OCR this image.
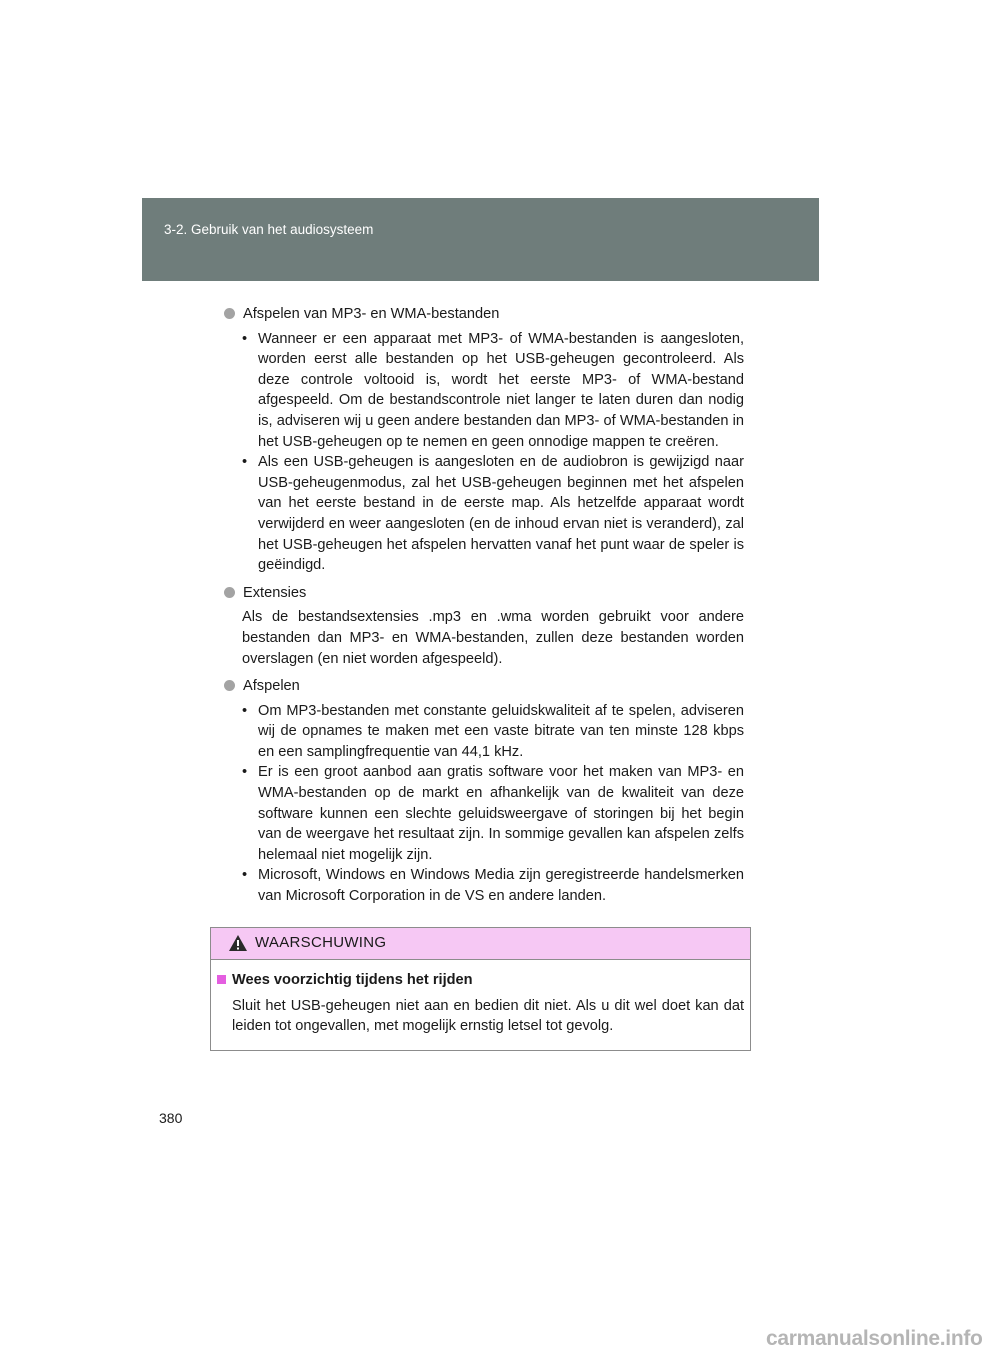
3-2. Gebruik van het audiosysteem
Afspelen van MP3- en WMA-bestanden
• Wanneer er een apparaat met MP3- of WMA-bestanden is aangesloten, worden eerst alle bestanden op het USB-geheugen gecontroleerd. Als deze controle voltooid is, wordt het eerste MP3- of WMA-bestand afgespeeld. Om de bestandscontrole niet langer te laten duren dan nodig is, adviseren wij u geen andere bestanden dan MP3- of WMA-bestanden in het USB-geheugen op te nemen en geen onnodige mappen te creëren.
• Als een USB-geheugen is aangesloten en de audiobron is gewijzigd naar USB-geheugenmodus, zal het USB-geheugen beginnen met het afspelen van het eerste bestand in de eerste map. Als hetzelfde apparaat wordt verwijderd en weer aangesloten (en de inhoud ervan niet is veranderd), zal het USB-geheugen het afspelen hervatten vanaf het punt waar de speler is geëindigd.
Extensies

Als de bestandsextensies .mp3 en .wma worden gebruikt voor andere bestanden dan MP3- en WMA-bestanden, zullen deze bestanden worden overslagen (en niet worden afgespeeld).

Afspelen
• Om MP3-bestanden met constante geluidskwaliteit af te spelen, adviseren wij de opnames te maken met een vaste bitrate van ten minste 128 kbps en een samplingfrequentie van 44,1 kHz.
• Er is een groot aanbod aan gratis software voor het maken van MP3- en WMA-bestanden op de markt en afhankelijk van de kwaliteit van deze software kunnen een slechte geluidsweergave of storingen bij het begin van de weergave het resultaat zijn. In sommige gevallen kan afspelen zelfs helemaal niet mogelijk zijn.
• Microsoft, Windows en Windows Media zijn geregistreerde handelsmerken van Microsoft Corporation in de VS en andere landen.
WAARSCHUWING
Wees voorzichtig tijdens het rijden

Sluit het USB-geheugen niet aan en bedien dit niet. Als u dit wel doet kan dat leiden tot ongevallen, met mogelijk ernstig letsel tot gevolg.

380
carmanualsonline.info
